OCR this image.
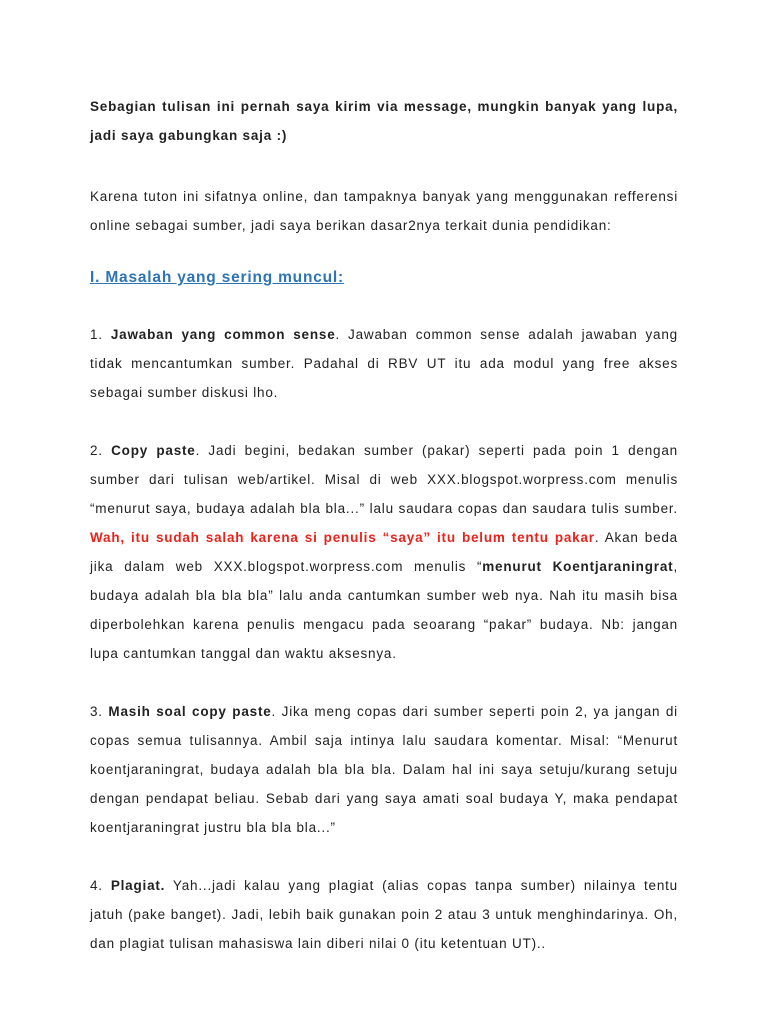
Sebagian tulisan ini pernah saya kirim via message, mungkin banyak yang lupa, jadi saya gabungkan saja :)

Karena tuton ini sifatnya online, dan tampaknya banyak yang menggunakan refferensi online sebagai sumber, jadi saya berikan dasar2nya terkait dunia pendidikan:

I. Masalah yang sering muncul:

1. Jawaban yang common sense. Jawaban common sense adalah jawaban yang tidak mencantumkan sumber. Padahal di RBV UT itu ada modul yang free akses sebagai sumber diskusi lho.

2. Copy paste. Jadi begini, bedakan sumber (pakar) seperti pada poin 1 dengan sumber dari tulisan web/artikel. Misal di web XXX.blogspot.worpress.com menulis “menurut saya, budaya adalah bla bla...” lalu saudara copas dan saudara tulis sumber. Wah, itu sudah salah karena si penulis “saya” itu belum tentu pakar. Akan beda jika dalam web XXX.blogspot.worpress.com menulis “menurut Koentjaraningrat, budaya adalah bla bla bla” lalu anda cantumkan sumber web nya. Nah itu masih bisa diperbolehkan karena penulis mengacu pada seoarang “pakar” budaya. Nb: jangan lupa cantumkan tanggal dan waktu aksesnya.

3. Masih soal copy paste. Jika meng copas dari sumber seperti poin 2, ya jangan di copas semua tulisannya. Ambil saja intinya lalu saudara komentar. Misal: “Menurut koentjaraningrat, budaya adalah bla bla bla. Dalam hal ini saya setuju/kurang setuju dengan pendapat beliau. Sebab dari yang saya amati soal budaya Y, maka pendapat koentjaraningrat justru bla bla bla...”

4. Plagiat. Yah...jadi kalau yang plagiat (alias copas tanpa sumber) nilainya tentu jatuh (pake banget). Jadi, lebih baik gunakan poin 2 atau 3 untuk menghindarinya. Oh, dan plagiat tulisan mahasiswa lain diberi nilai 0 (itu ketentuan UT)..
